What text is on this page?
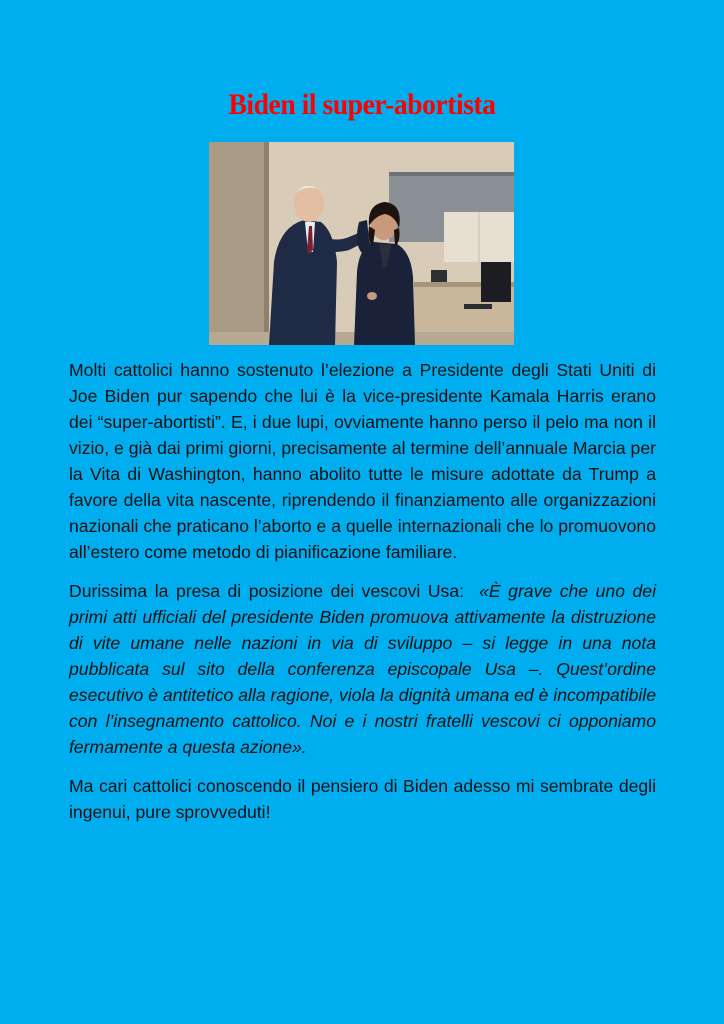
Biden il super-abortista

Molti cattolici hanno sostenuto l’elezione a Presidente degli Stati Uniti di Joe Biden pur sapendo che lui è la vice-presidente Kamala Harris erano dei “super-abortisti”. E, i due lupi, ovviamente hanno perso il pelo ma non il vizio, e già dai primi giorni, precisamente al termine dell’annuale Marcia per la Vita di Washington, hanno abolito tutte le misure adottate da Trump a favore della vita nascente, riprendendo il finanziamento alle organizzazioni nazionali che praticano l’aborto e a quelle internazionali che lo promuovono all’estero come metodo di pianificazione familiare.

Durissima la presa di posizione dei vescovi Usa:  «È grave che uno dei primi atti ufficiali del presidente Biden promuova attivamente la distruzione di vite umane nelle nazioni in via di sviluppo – si legge in una nota pubblicata sul sito della conferenza episcopale Usa –. Quest’ordine esecutivo è antitetico alla ragione, viola la dignità umana ed è incompatibile con l’insegnamento cattolico. Noi e i nostri fratelli vescovi ci opponiamo fermamente a questa azione».

Ma cari cattolici conoscendo il pensiero di Biden adesso mi sembrate degli ingenui, pure sprovveduti!
